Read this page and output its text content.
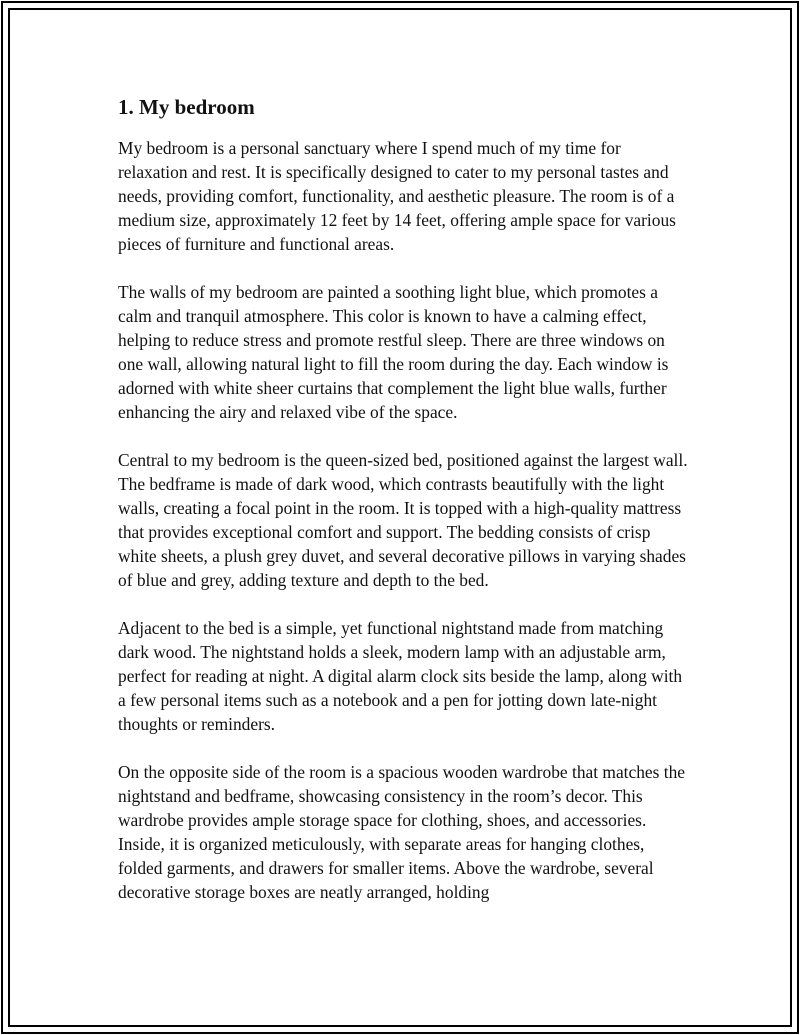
1. My bedroom

My bedroom is a personal sanctuary where I spend much of my time for relaxation and rest. It is specifically designed to cater to my personal tastes and needs, providing comfort, functionality, and aesthetic pleasure. The room is of a medium size, approximately 12 feet by 14 feet, offering ample space for various pieces of furniture and functional areas.

The walls of my bedroom are painted a soothing light blue, which promotes a calm and tranquil atmosphere. This color is known to have a calming effect, helping to reduce stress and promote restful sleep. There are three windows on one wall, allowing natural light to fill the room during the day. Each window is adorned with white sheer curtains that complement the light blue walls, further enhancing the airy and relaxed vibe of the space.

Central to my bedroom is the queen-sized bed, positioned against the largest wall. The bedframe is made of dark wood, which contrasts beautifully with the light walls, creating a focal point in the room. It is topped with a high-quality mattress that provides exceptional comfort and support. The bedding consists of crisp white sheets, a plush grey duvet, and several decorative pillows in varying shades of blue and grey, adding texture and depth to the bed.

Adjacent to the bed is a simple, yet functional nightstand made from matching dark wood. The nightstand holds a sleek, modern lamp with an adjustable arm, perfect for reading at night. A digital alarm clock sits beside the lamp, along with a few personal items such as a notebook and a pen for jotting down late-night thoughts or reminders.

On the opposite side of the room is a spacious wooden wardrobe that matches the nightstand and bedframe, showcasing consistency in the room’s decor. This wardrobe provides ample storage space for clothing, shoes, and accessories. Inside, it is organized meticulously, with separate areas for hanging clothes, folded garments, and drawers for smaller items. Above the wardrobe, several decorative storage boxes are neatly arranged, holding
